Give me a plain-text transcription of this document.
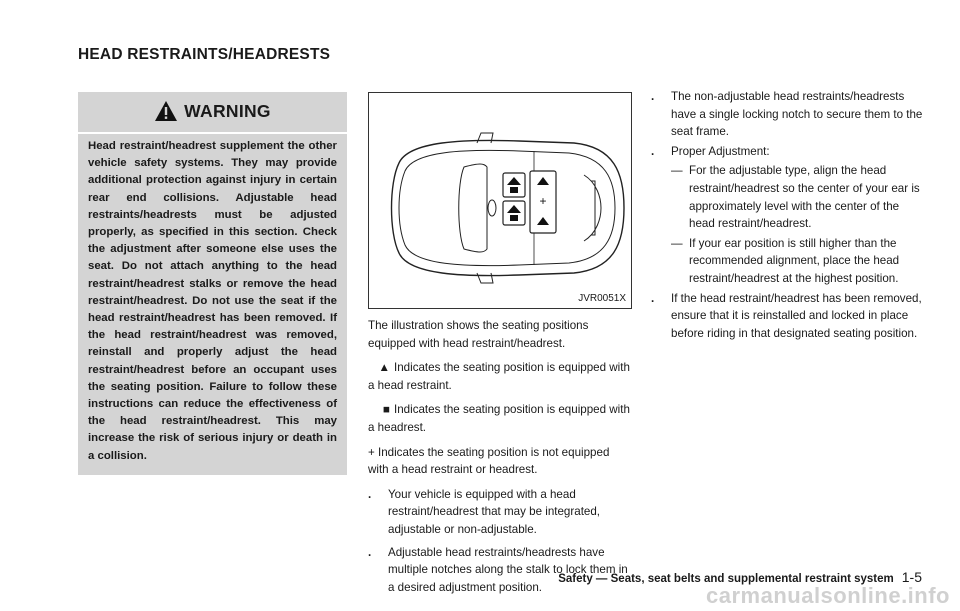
HEAD RESTRAINTS/HEADRESTS
WARNING
Head restraint/headrest supplement the other vehicle safety systems. They may provide additional protection against injury in certain rear end collisions. Adjustable head restraints/headrests must be adjusted properly, as specified in this section. Check the adjustment after someone else uses the seat. Do not attach anything to the head restraint/headrest stalks or remove the head restraint/headrest. Do not use the seat if the head restraint/headrest has been removed. If the head restraint/headrest was removed, reinstall and properly adjust the head restraint/headrest before an occupant uses the seating position. Failure to follow these instructions can reduce the effectiveness of the head restraint/headrest. This may increase the risk of serious injury or death in a collision.
+
JVR0051X

The illustration shows the seating positions equipped with head restraint/headrest.

▲ Indicates the seating position is equipped with a head restraint.

■ Indicates the seating position is equipped with a headrest.

+ Indicates the seating position is not equipped with a head restraint or headrest.

.	Your vehicle is equipped with a head restraint/headrest that may be integrated, adjustable or non-adjustable.
.	Adjustable head restraints/headrests have multiple notches along the stalk to lock them in a desired adjustment position.
.	The non-adjustable head restraints/headrests have a single locking notch to secure them to the seat frame.
.	Proper Adjustment:
— For the adjustable type, align the head restraint/headrest so the center of your ear is approximately level with the center of the head restraint/headrest.
— If your ear position is still higher than the recommended alignment, place the head restraint/headrest at the highest position.
.	If the head restraint/headrest has been removed, ensure that it is reinstalled and locked in place before riding in that designated seating position.
Safety — Seats, seat belts and supplemental restraint system 1-5
carmanualsonline.info
